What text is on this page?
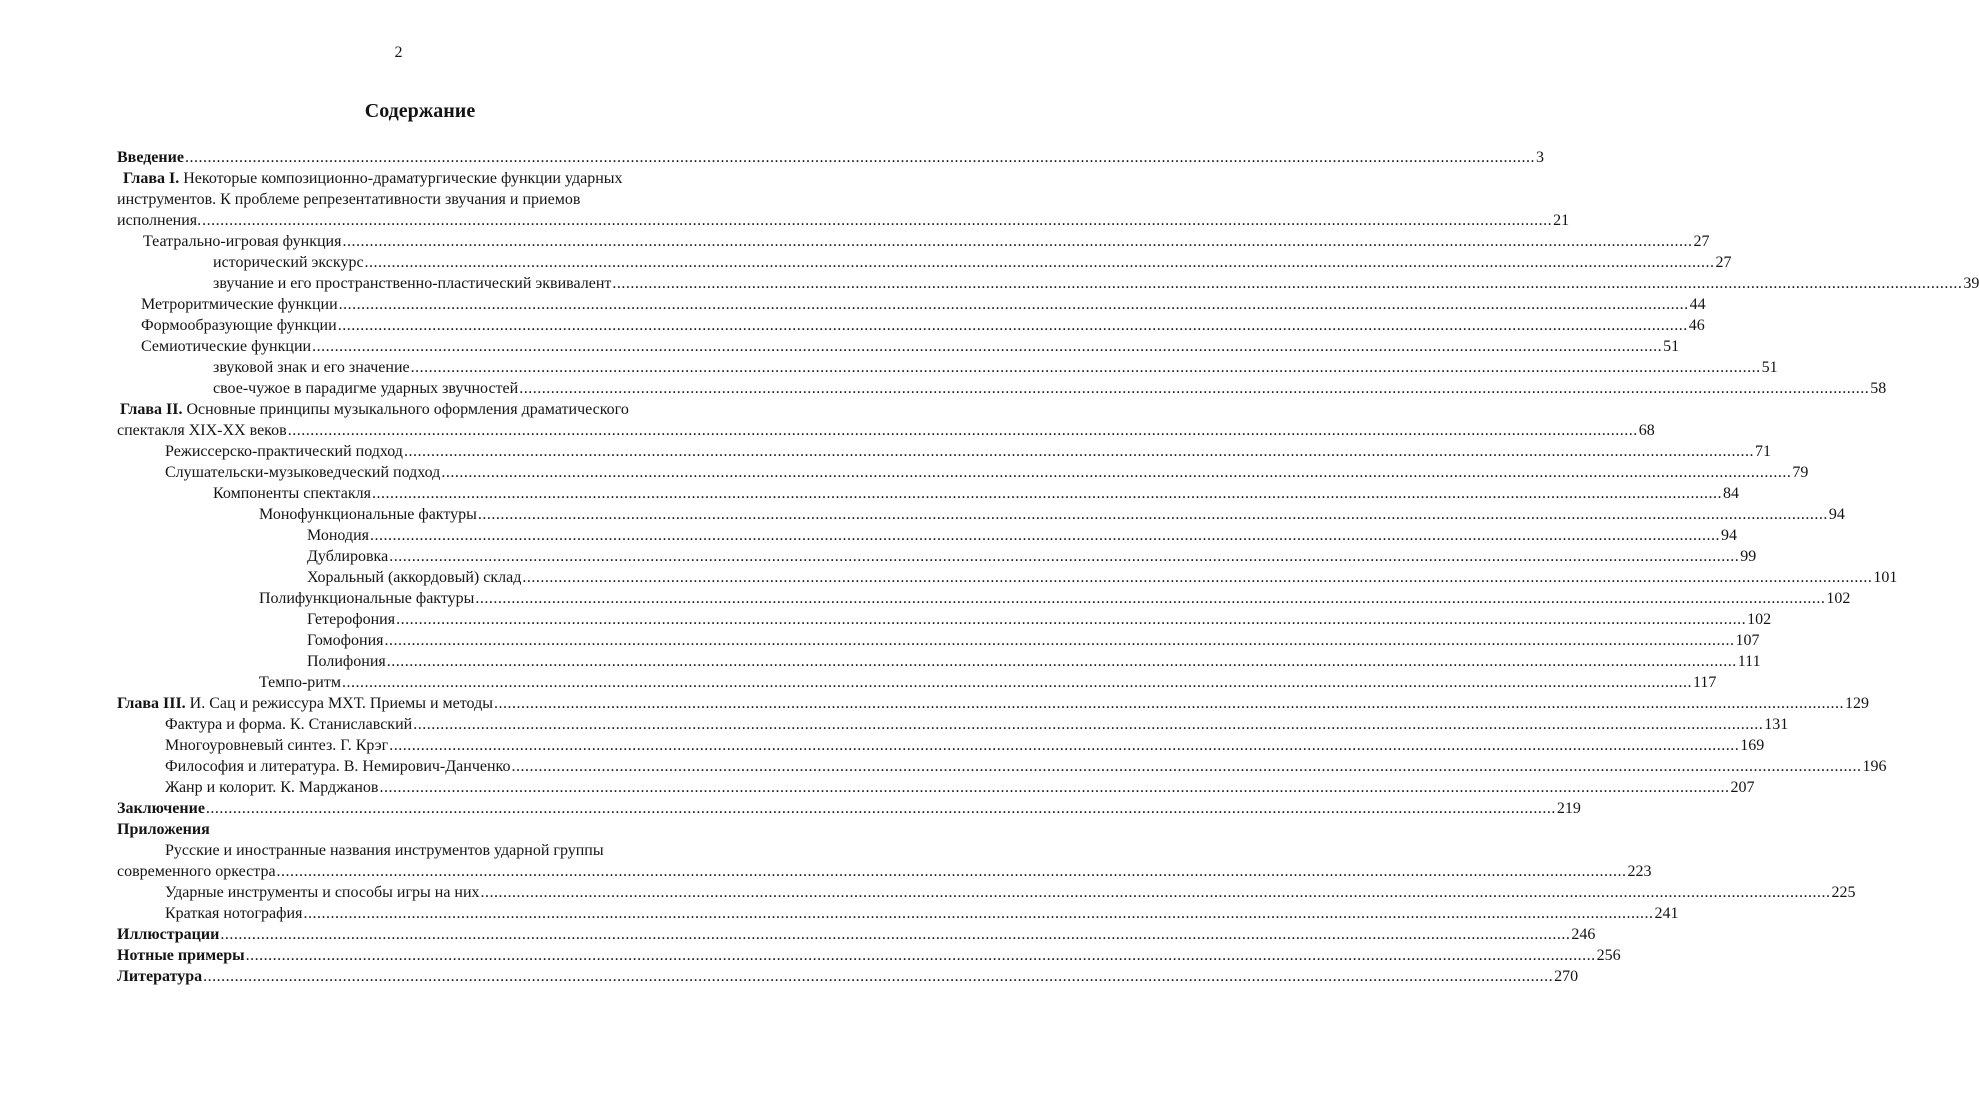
2
Содержание
Введение ............................................................................................................................................................................................................................................................................................................ 3
Глава I. Некоторые композиционно-драматургические функции ударных
инструментов. К проблеме репрезентативности звучания и приемов
исполнения. ............................................................................................................................................................................................................................................................................................................ 21
Театрально-игровая функция ............................................................................................................................................................................................................................................................................................................ 27
исторический экскурс ............................................................................................................................................................................................................................................................................................................ 27
звучание и его пространственно-пластический эквивалент ............................................................................................................................................................................................................................................................................................................ 39
Метроритмические функции ............................................................................................................................................................................................................................................................................................................ 44
Формообразующие функции ............................................................................................................................................................................................................................................................................................................ 46
Семиотические функции ............................................................................................................................................................................................................................................................................................................ 51
звуковой знак и его значение ............................................................................................................................................................................................................................................................................................................ 51
свое-чужое в парадигме ударных звучностей ............................................................................................................................................................................................................................................................................................................ 58
Глава II. Основные принципы музыкального оформления драматического
спектакля XIX-XX веков ............................................................................................................................................................................................................................................................................................................ 68
Режиссерско-практический подход ............................................................................................................................................................................................................................................................................................................ 71
Слушательски-музыковедческий подход ............................................................................................................................................................................................................................................................................................................ 79
Компоненты спектакля ............................................................................................................................................................................................................................................................................................................ 84
Монофункциональные фактуры ............................................................................................................................................................................................................................................................................................................ 94
Монодия ............................................................................................................................................................................................................................................................................................................ 94
Дублировка ............................................................................................................................................................................................................................................................................................................ 99
Хоральный (аккордовый) склад ............................................................................................................................................................................................................................................................................................................ 101
Полифункциональные фактуры ............................................................................................................................................................................................................................................................................................................ 102
Гетерофония ............................................................................................................................................................................................................................................................................................................ 102
Гомофония ............................................................................................................................................................................................................................................................................................................ 107
Полифония ............................................................................................................................................................................................................................................................................................................ 111
Темпо-ритм ............................................................................................................................................................................................................................................................................................................ 117
Глава III. И. Сац и режиссура МХТ. Приемы и методы ............................................................................................................................................................................................................................................................................................................ 129
Фактура и форма. К. Станиславский ............................................................................................................................................................................................................................................................................................................ 131
Многоуровневый синтез. Г. Крэг ............................................................................................................................................................................................................................................................................................................ 169
Философия и литература. В. Немирович-Данченко ............................................................................................................................................................................................................................................................................................................ 196
Жанр и колорит. К. Марджанов ............................................................................................................................................................................................................................................................................................................ 207
Заключение ............................................................................................................................................................................................................................................................................................................ 219
Приложения
Русские и иностранные названия инструментов ударной группы
современного оркестра ............................................................................................................................................................................................................................................................................................................ 223
Ударные инструменты и способы игры на них ............................................................................................................................................................................................................................................................................................................ 225
Краткая нотография ............................................................................................................................................................................................................................................................................................................ 241
Иллюстрации ............................................................................................................................................................................................................................................................................................................ 246
Нотные примеры ............................................................................................................................................................................................................................................................................................................ 256
Литература ............................................................................................................................................................................................................................................................................................................ 270
